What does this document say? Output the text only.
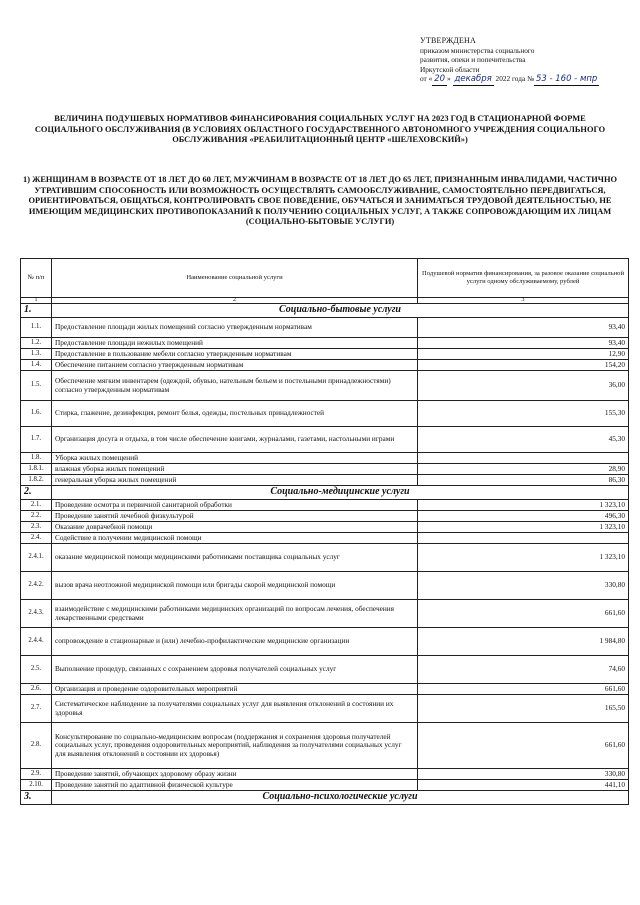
УТВЕРЖДЕНА
приказом министерства социального
развития, опеки и попечительства
Иркутской области
от « 20 » декабря 2022 года № 53 - 160 - мпр
ВЕЛИЧИНА ПОДУШЕВЫХ НОРМАТИВОВ ФИНАНСИРОВАНИЯ СОЦИАЛЬНЫХ УСЛУГ НА 2023 ГОД В СТАЦИОНАРНОЙ ФОРМЕ СОЦИАЛЬНОГО ОБСЛУЖИВАНИЯ (В УСЛОВИЯХ ОБЛАСТНОГО ГОСУДАРСТВЕННОГО АВТОНОМНОГО УЧРЕЖДЕНИЯ СОЦИАЛЬНОГО ОБСЛУЖИВАНИЯ «РЕАБИЛИТАЦИОННЫЙ ЦЕНТР «ШЕЛЕХОВСКИЙ»)
1) ЖЕНЩИНАМ В ВОЗРАСТЕ ОТ 18 ЛЕТ ДО 60 ЛЕТ, МУЖЧИНАМ В ВОЗРАСТЕ ОТ 18 ЛЕТ ДО 65 ЛЕТ, ПРИЗНАННЫМ ИНВАЛИДАМИ, ЧАСТИЧНО УТРАТИВШИМ СПОСОБНОСТЬ ИЛИ ВОЗМОЖНОСТЬ ОСУЩЕСТВЛЯТЬ САМООБСЛУЖИВАНИЕ, САМОСТОЯТЕЛЬНО ПЕРЕДВИГАТЬСЯ, ОРИЕНТИРОВАТЬСЯ, ОБЩАТЬСЯ, КОНТРОЛИРОВАТЬ СВОЕ ПОВЕДЕНИЕ, ОБУЧАТЬСЯ И ЗАНИМАТЬСЯ ТРУДОВОЙ ДЕЯТЕЛЬНОСТЬЮ, НЕ ИМЕЮЩИМ МЕДИЦИНСКИХ ПРОТИВОПОКАЗАНИЙ К ПОЛУЧЕНИЮ СОЦИАЛЬНЫХ УСЛУГ, А ТАКЖЕ СОПРОВОЖДАЮЩИМ ИХ ЛИЦАМ (СОЦИАЛЬНО-БЫТОВЫЕ УСЛУГИ)
№ п/п	Наименование социальной услуги	Подушевой норматив финансирования, за разовое оказание социальной услуги одному обслуживаемому, рублей
1	2	3
1.	Социально-бытовые услуги	
1.1.	Предоставление площади жилых помещений согласно утвержденным нормативам	93,40
1.2.	Предоставление площади нежилых помещений	93,40
1.3.	Предоставление в пользование мебели согласно утвержденным нормативам	12,90
1.4.	Обеспечение питанием согласно утвержденным нормативам	154,20
1.5.	Обеспечение мягким инвентарем (одеждой, обувью, нательным бельем и постельными принадлежностями) согласно утвержденным нормативам	36,00
1.6.	Стирка, глажение, дезинфекция, ремонт белья, одежды, постельных принадлежностей	155,30
1.7.	Организация досуга и отдыха, в том числе обеспечение книгами, журналами, газетами, настольными играми	45,30
1.8.	Уборка жилых помещений	
1.8.1.	влажная уборка жилых помещений	28,90
1.8.2.	генеральная уборка жилых помещений	86,30
2.	Социально-медицинские услуги	
2.1.	Проведение осмотра и первичной санитарной обработки	1 323,10
2.2.	Проведение занятий лечебной физкультурой	496,30
2.3.	Оказание доврачебной помощи	1 323,10
2.4.	Содействие в получении медицинской помощи	
2.4.1.	оказание медицинской помощи медицинскими работниками поставщика социальных услуг	1 323,10
2.4.2.	вызов врача неотложной медицинской помощи или бригады скорой медицинской помощи	330,80
2.4.3.	взаимодействие с медицинскими работниками медицинских организаций по вопросам лечения, обеспечения лекарственными средствами	661,60
2.4.4.	сопровождение в стационарные и (или) лечебно-профилактические медицинские организации	1 984,80
2.5.	Выполнение процедур, связанных с сохранением здоровья получателей социальных услуг	74,60
2.6.	Организация и проведение оздоровительных мероприятий	661,60
2.7.	Систематическое наблюдение за получателями социальных услуг для выявления отклонений в состоянии их здоровья	165,50
2.8.	Консультирование по социально-медицинским вопросам (поддержания и сохранения здоровья получателей социальных услуг, проведения оздоровительных мероприятий, наблюдения за получателями социальных услуг для выявления отклонений в состоянии их здоровья)	661,60
2.9.	Проведение занятий, обучающих здоровому образу жизни	330,80
2.10.	Проведение занятий по адаптивной физической культуре	441,10
3.	Социально-психологические услуги	
